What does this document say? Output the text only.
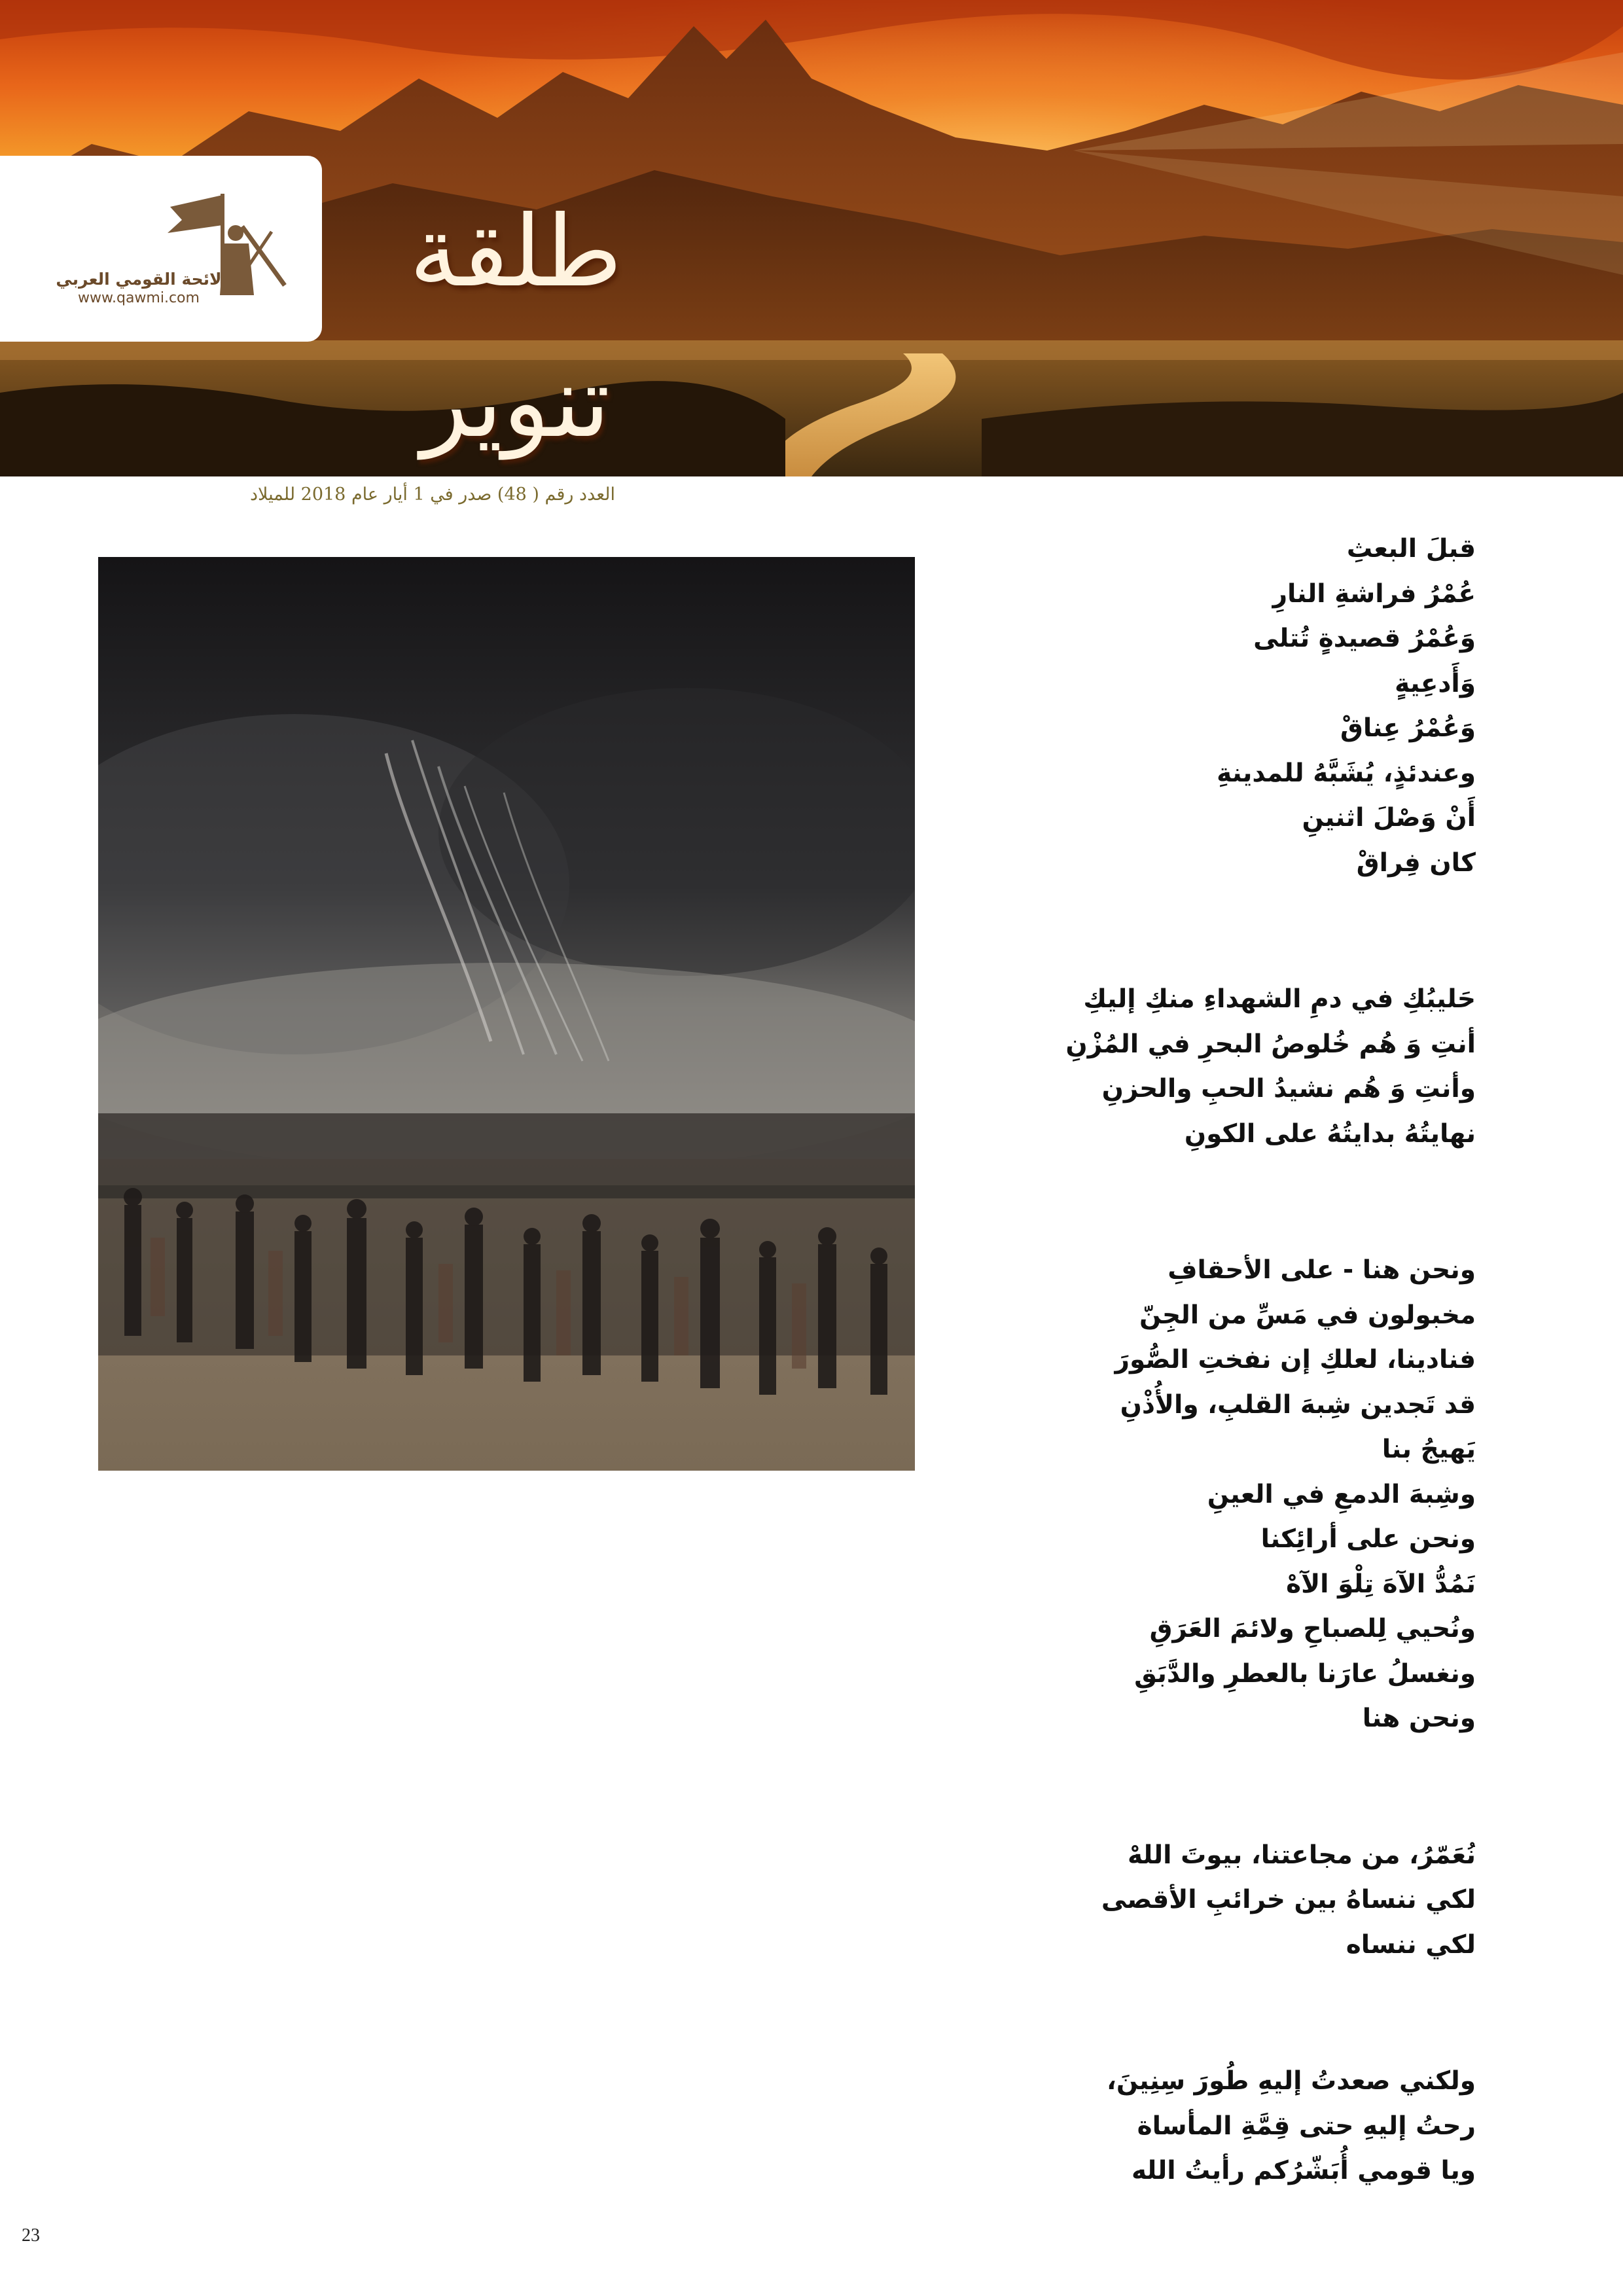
لائحة القومي العربي
www.qawmi.com	طلقة تنوير
العدد رقم ( 48) صدر في 1 أيار عام 2018 للميلاد
قبلَ البعثِ
عُمْرُ فراشةِ النارِ
وَعُمْرُ قصيدةٍ تُتلى
وَأَدعِيةٍ
وَعُمْرُ عِناقْ
وعندئذٍ، يُشَبَّهُ للمدينةِ
أَنْ وَصْلَ اثنينِ
كان فِراقْ
حَليبُكِ في دمِ الشهداءِ منكِ إليكِ
أنتِ وَ هُم خُلوصُ البحرِ في المُزْنِ
وأنتِ وَ هُم نشيدُ الحبِ والحزنِ
نهايتُهُ بدايتُهُ على الكونِ
ونحن هنا - على الأحقافِ
مخبولون في مَسِّ من الجِنّ
فنادينا، لعلكِ إن نفختِ الصُّورَ
قد تَجدين شِبهَ القلبِ، والأُذْنِ
يَهيجُ بنا
وشِبهَ الدمعِ في العينِ
ونحن على أرائِكنا
نَمُدُّ الآهَ تِلْوَ الآهْ
ونُحيي لِلصباحِ ولائمَ العَرَقِ
ونغسلُ عارَنا بالعطرِ والدَّبَقِ
ونحن هنا
نُعَمّرُ، من مجاعتنا، بيوتَ اللهْ
لكي ننساهُ بين خرائبِ الأقصى
لكي ننساه
ولكني صعدتُ إليهِ طُورَ سِنِينَ،
رحتُ إليهِ حتى قِمَّةِ المأساة
ويا قومي أُبَشّرُكم رأيتُ الله
23
